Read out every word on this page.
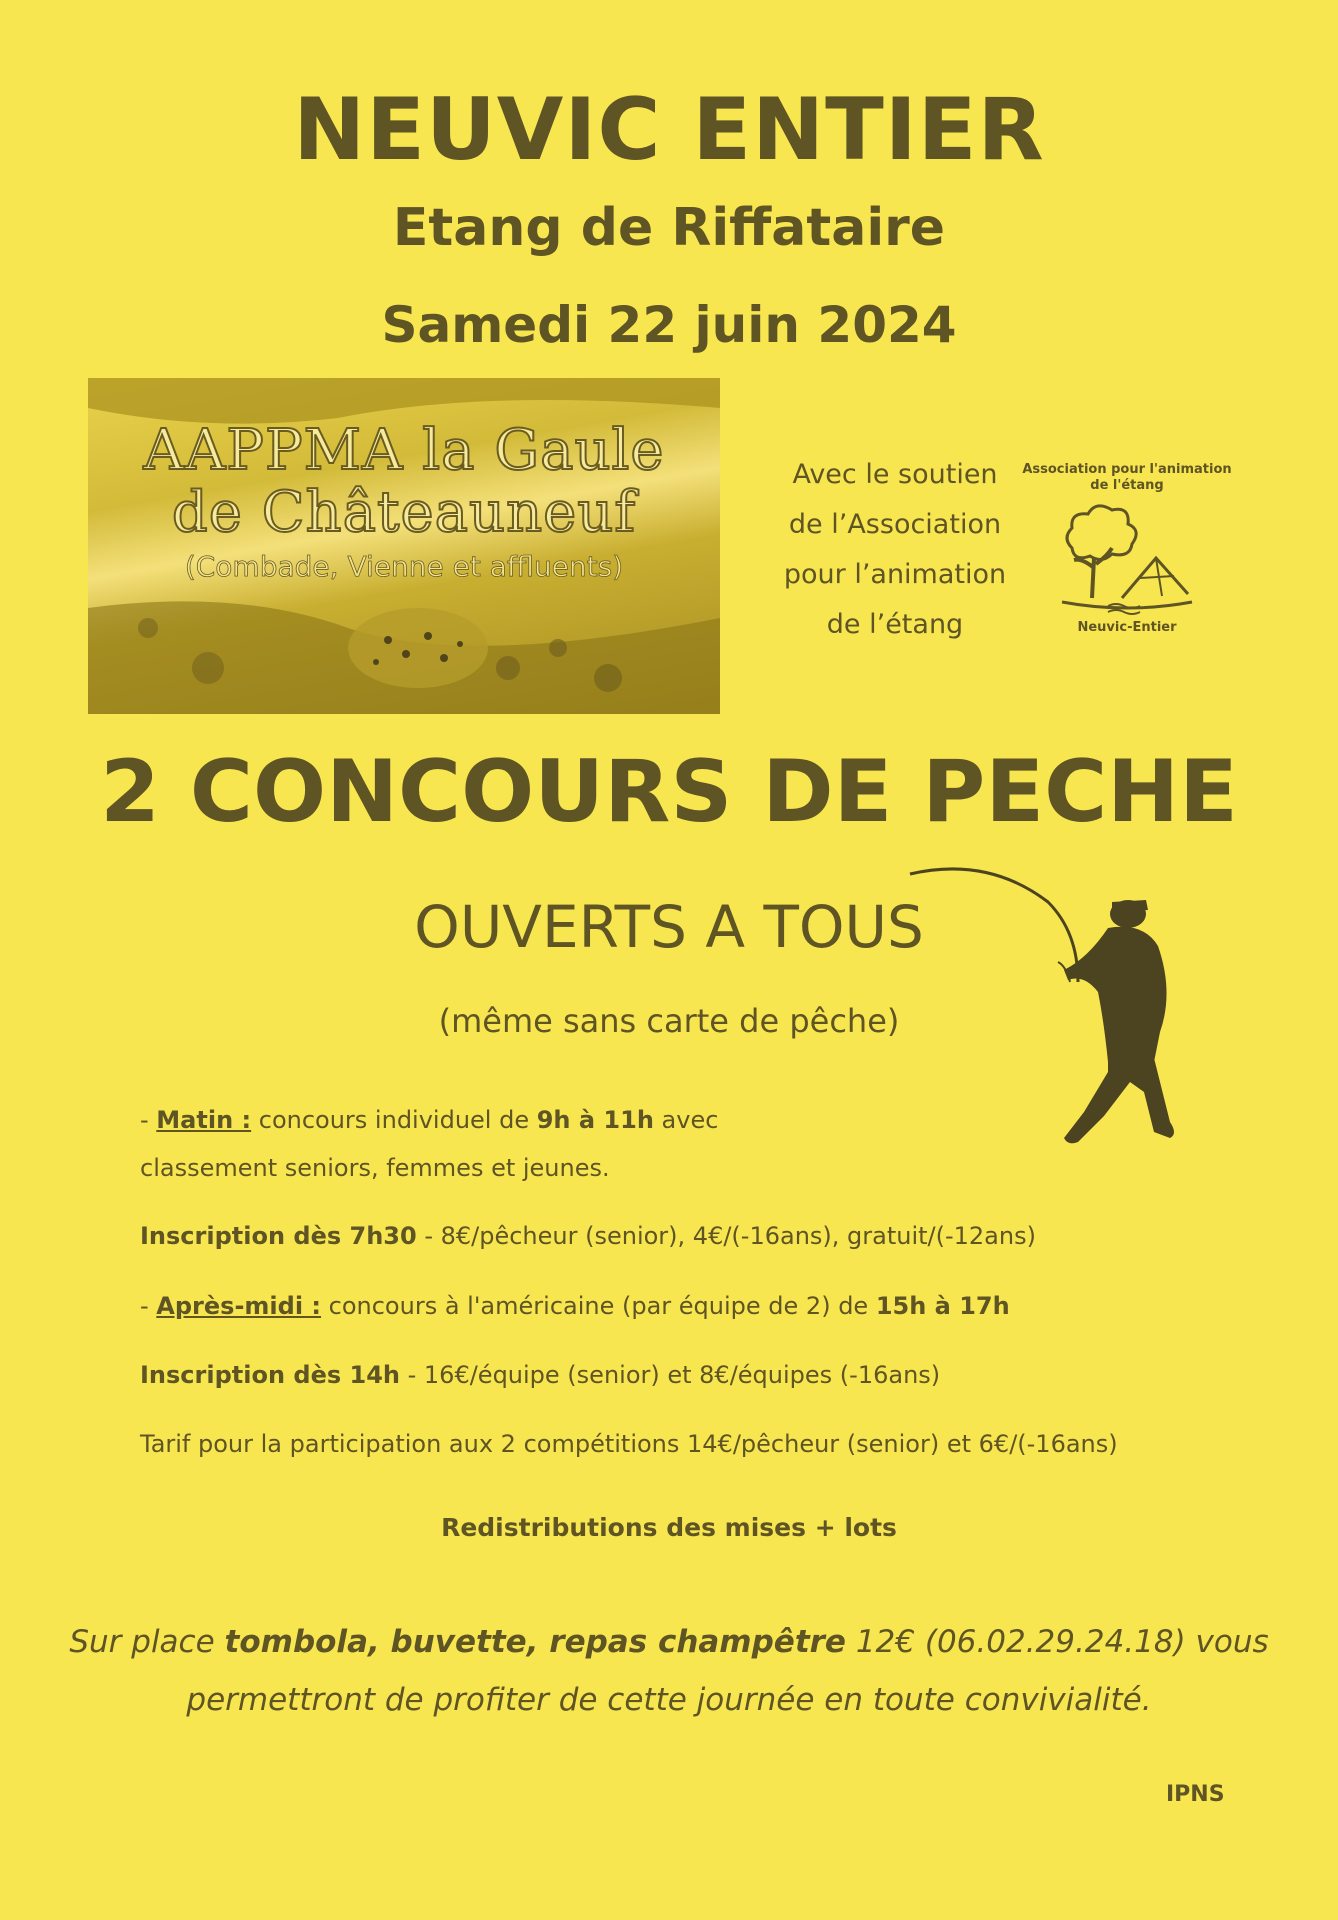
NEUVIC ENTIER
Etang de Riffataire
Samedi 22 juin 2024
AAPPMA la Gaule
de Châteauneuf
(Combade, Vienne et affluents)
Avec le soutien
de l’Association
pour l’animation
de l’étang
Association pour l'animation
de l'étang
Neuvic-Entier
2 CONCOURS DE PECHE
OUVERTS A TOUS
(même sans carte de pêche)
- Matin : concours individuel de 9h à 11h avec
classement seniors, femmes et jeunes.
Inscription dès 7h30 - 8€/pêcheur (senior), 4€/(-16ans), gratuit/(-12ans)
- Après-midi : concours à l'américaine (par équipe de 2) de 15h à 17h
Inscription dès 14h - 16€/équipe (senior) et 8€/équipes (-16ans)
Tarif pour la participation aux 2 compétitions 14€/pêcheur (senior) et 6€/(-16ans)
Redistributions des mises + lots
Sur place tombola, buvette, repas champêtre 12€ (06.02.29.24.18) vous
permettront de profiter de cette journée en toute convivialité.
IPNS
